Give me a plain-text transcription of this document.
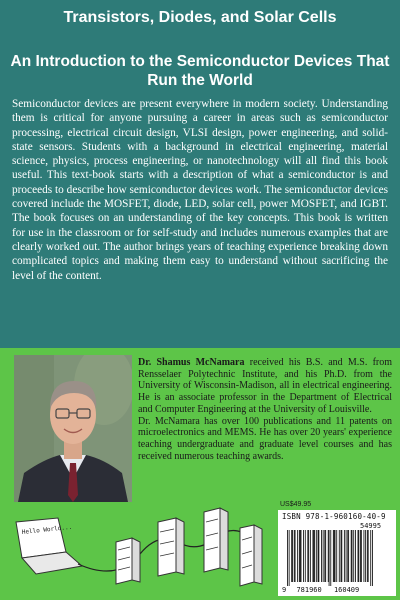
Transistors, Diodes, and Solar Cells
An Introduction to the Semiconductor Devices That Run the World

Semiconductor devices are present everywhere in modern society. Understanding them is critical for anyone pursuing a career in areas such as semiconductor processing, electrical circuit design, VLSI design, power engineering, and solid-state sensors. Students with a background in electrical engineering, material science, physics, process engineering, or nanotechnology will all find this book useful. This text-book starts with a description of what a semiconductor is and proceeds to describe how semiconductor devices work. The semiconductor devices covered include the MOSFET, diode, LED, solar cell, power MOSFET, and IGBT. The book focuses on an understanding of the key concepts. This book is written for use in the classroom or for self-study and includes numerous examples that are clearly worked out. The author brings years of teaching experience breaking down complicated topics and making them easy to understand without sacrificing the level of the content.

Dr. Shamus McNamara received his B.S. and M.S. from Rensselaer Polytechnic Institute, and his Ph.D. from the University of Wisconsin-Madison, all in electrical engineering. He is an associate professor in the Department of Electrical and Computer Engineering at the University of Louisville.

Dr. McNamara has over 100 publications and 11 patents on microelectronics and MEMS. He has over 20 years' experience teaching undergraduate and graduate level courses and has received numerous teaching awards.

Hello World...
US$49.95
ISBN 978-1-960160-40-9
54995
9 781960 160409
